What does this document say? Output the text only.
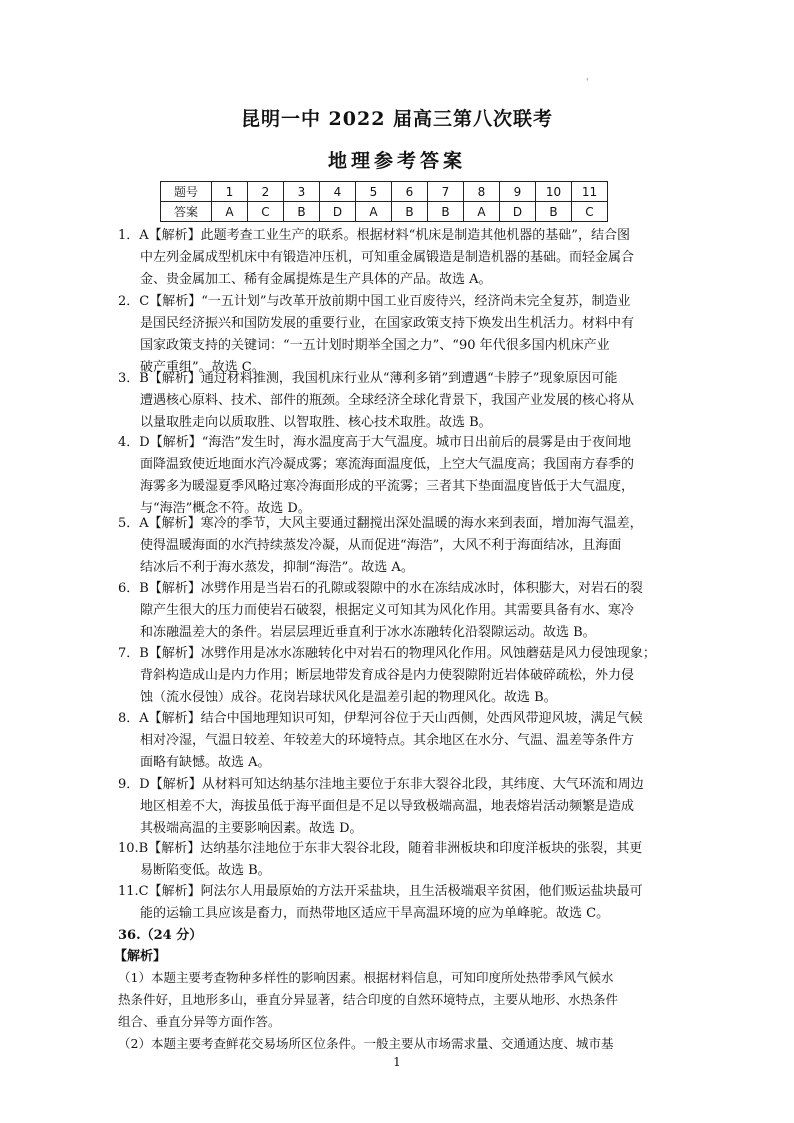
'
昆明一中 2022 届高三第八次联考
地理参考答案
题号	1	2	3	4	5	6	7	8	9	10	11
答案	A	C	B	D	A	B	B	A	D	B	C
1．A【解析】此题考查工业生产的联系。根据材料“机床是制造其他机器的基础”，结合图
中左列金属成型机床中有锻造冲压机，可知重金属锻造是制造机器的基础。而轻金属合
金、贵金属加工、稀有金属提炼是生产具体的产品。故选 A。
2．C【解析】“一五计划”与改革开放前期中国工业百废待兴，经济尚未完全复苏，制造业
是国民经济振兴和国防发展的重要行业，在国家政策支持下焕发出生机活力。材料中有
国家政策支持的关键词：“一五计划时期举全国之力”、“90 年代很多国内机床产业
破产重组”。故选 C。
3．B【解析】通过材料推测，我国机床行业从“薄利多销”到遭遇“卡脖子”现象原因可能
遭遇核心原料、技术、部件的瓶颈。全球经济全球化背景下，我国产业发展的核心将从
以量取胜走向以质取胜、以智取胜、核心技术取胜。故选 B。
4．D【解析】“海浩”发生时，海水温度高于大气温度。城市日出前后的晨雾是由于夜间地
面降温致使近地面水汽冷凝成雾；寒流海面温度低，上空大气温度高；我国南方春季的
海雾多为暖湿夏季风略过寒冷海面形成的平流雾；三者其下垫面温度皆低于大气温度，
与“海浩”概念不符。故选 D。
5．A【解析】寒冷的季节，大风主要通过翻搅出深处温暖的海水来到表面，增加海气温差，
使得温暖海面的水汽持续蒸发冷凝，从而促进“海浩”，大风不利于海面结冰，且海面
结冰后不利于海水蒸发，抑制“海浩”。故选 A。
6．B【解析】冰劈作用是当岩石的孔隙或裂隙中的水在冻结成冰时，体积膨大，对岩石的裂
隙产生很大的压力而使岩石破裂，根据定义可知其为风化作用。其需要具备有水、寒冷
和冻融温差大的条件。岩层层理近垂直利于冰水冻融转化沿裂隙运动。故选 B。
7．B【解析】冰劈作用是冰水冻融转化中对岩石的物理风化作用。风蚀蘑菇是风力侵蚀现象；
背斜构造成山是内力作用；断层地带发育成谷是内力使裂隙附近岩体破碎疏松，外力侵
蚀（流水侵蚀）成谷。花岗岩球状风化是温差引起的物理风化。故选 B。
8．A【解析】结合中国地理知识可知，伊犁河谷位于天山西侧，处西风带迎风坡，满足气候
相对冷湿，气温日较差、年较差大的环境特点。其余地区在水分、气温、温差等条件方
面略有缺憾。故选 A。
9．D【解析】从材料可知达纳基尔洼地主要位于东非大裂谷北段，其纬度、大气环流和周边
地区相差不大，海拔虽低于海平面但是不足以导致极端高温，地表熔岩活动频繁是造成
其极端高温的主要影响因素。故选 D。
10.B【解析】达纳基尔洼地位于东非大裂谷北段，随着非洲板块和印度洋板块的张裂，其更
易断陷变低。故选 B。
11.C【解析】阿法尔人用最原始的方法开采盐块，且生活极端艰辛贫困，他们贩运盐块最可
能的运输工具应该是畜力，而热带地区适应干旱高温环境的应为单峰驼。故选 C。
36.（24 分）
【解析】
（1）本题主要考查物种多样性的影响因素。根据材料信息，可知印度所处热带季风气候水
热条件好，且地形多山，垂直分异显著，结合印度的自然环境特点，主要从地形、水热条件
组合、垂直分异等方面作答。
（2）本题主要考查鲜花交易场所区位条件。一般主要从市场需求量、交通通达度、城市基
1
